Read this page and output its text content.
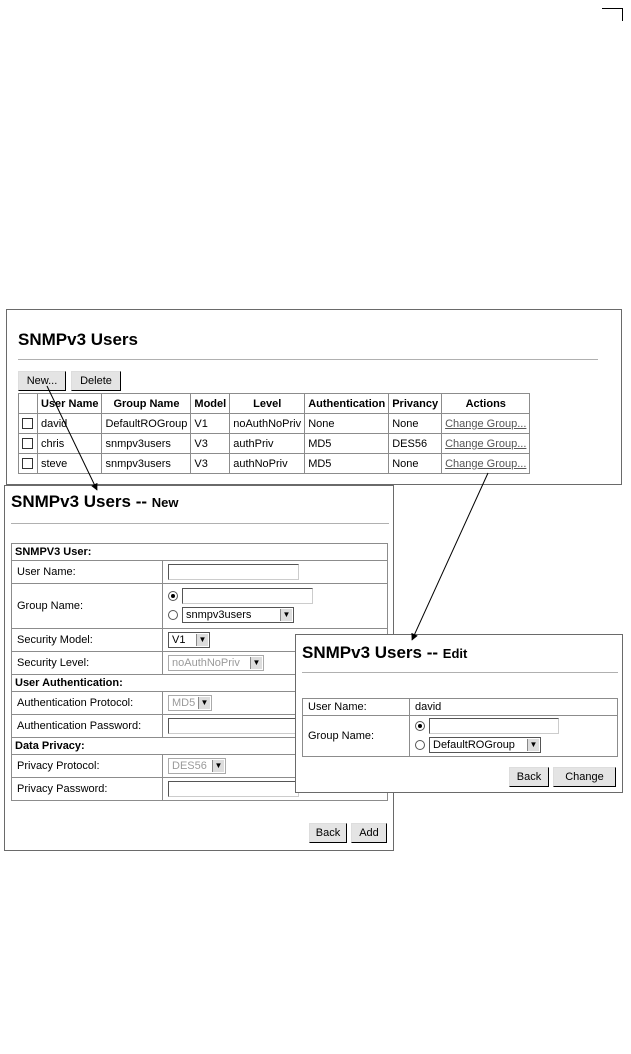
SNMPv3 Users
New...	Delete
	User Name	Group Name	Model	Level	Authentication	Privancy	Actions
	david	DefaultROGroup	V1	noAuthNoPriv	None	None	Change Group...
	chris	snmpv3users	V3	authPriv	MD5	DES56	Change Group...
	steve	snmpv3users	V3	authNoPriv	MD5	None	Change Group...
SNMPv3 Users -- New
SNMPV3 User:	
User Name:	
Group Name:	snmpv3users ▼

Security Model:	V1 ▼

Security Level:	noAuthNoPriv ▼

User Authentication:	
Authentication Protocol:	MD5 ▼

Authentication Password:	
Data Privacy:	
Privacy Protocol:	DES56 ▼

Privacy Password:	
Back	Add
SNMPv3 Users -- Edit
User Name:	david
Group Name:	DefaultROGroup ▼
Back	Change
